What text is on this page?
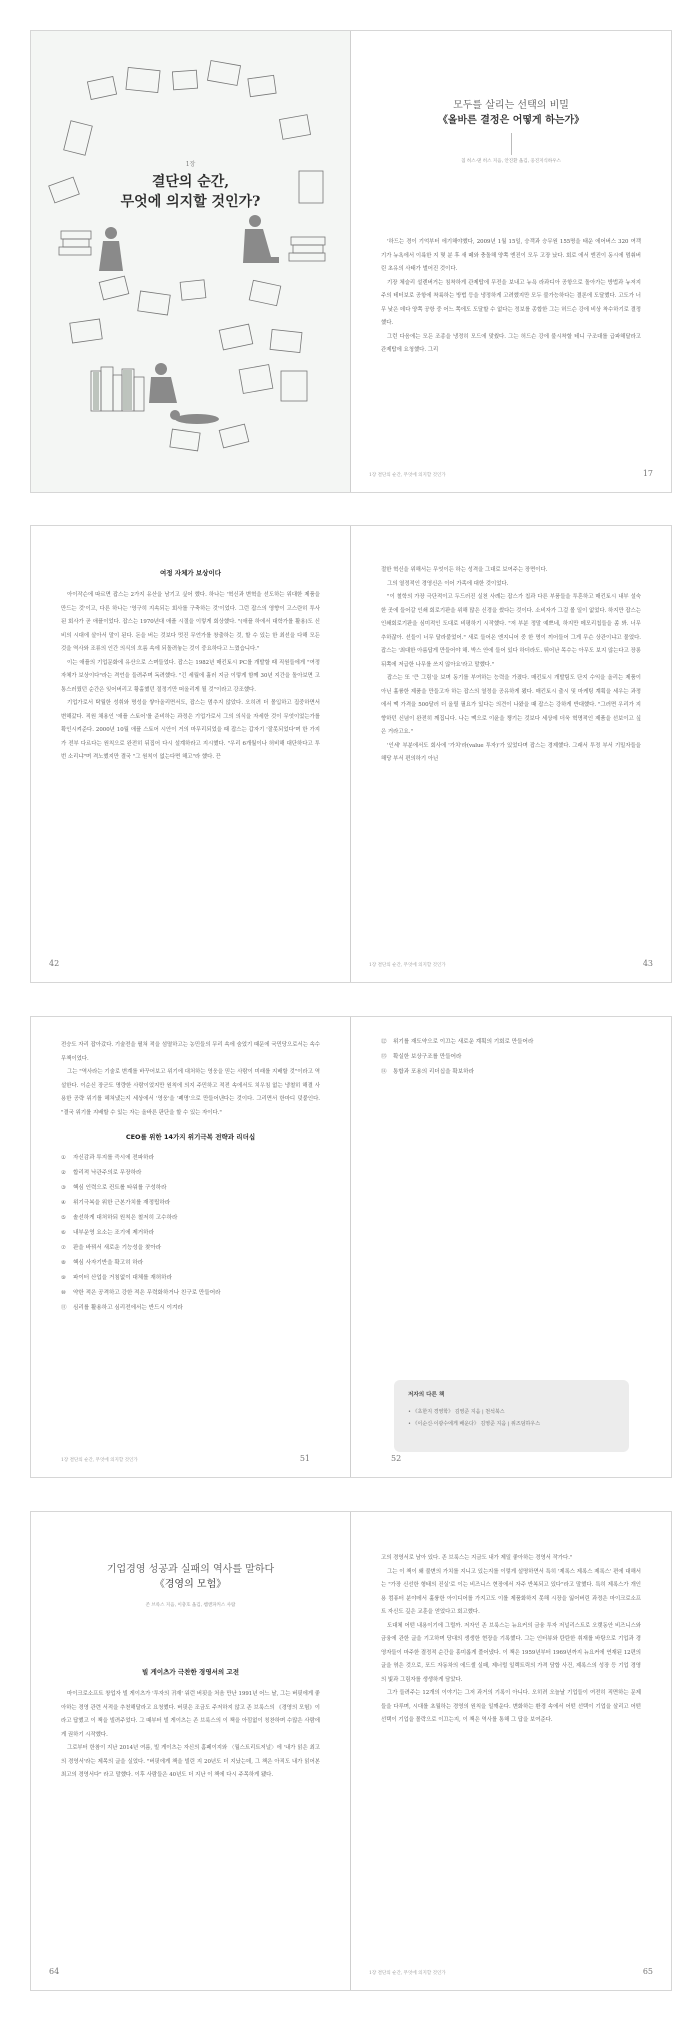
1장
결단의 순간,
무엇에 의지할 것인가?
모두를 살리는 선택의 비밀
《올바른 결정은 어떻게 하는가》
칩 히스·댄 히스 지음, 안진환 옮김, 웅진지식하우스

'하드는 경이 기억부터 에기해야했다, 2009년 1월 15일, 승객과 승무원 155명을 태운 에어버스 320 여객기가 뉴욕에서 이륙한 지 몇 분 후 새 떼와 충돌해 양쪽 엔진이 모두 고장 났다. 회로 에서 엔진이 동시에 멈춰버린 초유의 사태가 벌어진 것이다.

기장 체슬리 설렌버거는 침착하게 관제탑에 무전을 보내고 뉴욕 라과디아 공항으로 돌아가는 방법과 뉴저지 주의 테터보로 공항에 착륙하는 방법 등을 냉정하게 고려했지만 모두 불가능하다는 결론에 도달했다. 고도가 너무 낮은 데다 양쪽 공항 중 어느 쪽에도 도달할 수 없다는 정보를 종합한 그는 허드슨 강에 비상 착수하기로 결정했다.

그런 다음에는 모든 조종을 냉정히 모드에 맞췄다. 그는 허드슨 강에 불시착할 테니 구조대를 급파해달라고 관제탑에 요청했다. 그리

1장 결단의 순간, 무엇에 의지할 것인가	17
여정 자체가 보상이다

아이작슨에 따르면 잡스는 2가지 유산을 남기고 싶어 했다. 하나는 '혁신과 변혁을 선도하는 위대한 제품을 만드는 것'이고, 다른 하나는 '영구히 지속되는 회사를 구축하는 것'이었다. 그런 잡스의 영향이 고스란히 투사된 회사가 곧 애플이었다. 잡스는 1970년대 애플 시절을 이렇게 회상했다. "(애플 하에서 대학가를 활용)도 신비의 시대에 살아서 말이 된다. 돈을 버는 것보다 멋진 무언가를 창출하는 것, 할 수 있는 한 최선을 다해 모든 것을 역사와 조류의 인간 의식의 흐름 속에 되돌려놓는 것이 중요하다고 느꼈습니다."

이는 애플의 기업문화에 유산으로 스며들었다. 잡스는 1982년 매킨토시 PC를 개발할 때 직원들에게 "여정 자체가 보상이다"라는 격언을 들려주며 독려했다. "긴 세월에 흘러 지금 이렇게 함께 30년 지간을 돌아보면 고통스러웠던 순간은 잊어버리고 황홀했던 절정기만 떠올리게 될 것"이라고 강조했다.

기업가로서 탁월한 성취와 명성을 쌓아올리면서도, 잡스는 멈추지 않았다. 오히려 더 몰입하고 집중하면서 변해갔다. 직원 채용인 '애플 스토어'를 준비하는 과정은 기업가로서 그의 의식을 자세한 것이 무엇이었는가를 확인시켜준다. 2000년 10월 애플 스토어 시안이 거의 마무리되었을 때 잡스는 갑자기 '잘못되었다'며 한 가지가 전부 다르다는 원칙으로 완전히 뒤집어 다시 설계하라고 지시했다. "우리 6개월이나 허비해 대단하다고 투 번 소리냐"며 격노했지만 결국 "그 원칙이 없는다면 해고"라 했다. 끈

42

절한 혁신을 위해서는 무엇이든 하는 성격을 그대로 보여주는 장면이다.

그의 열정적인 경영신은 이어 가족에 대한 것이었다.

"이 철학의 가장 극단적이고 두드러진 실천 사례는 잡스가 칩과 다른 부품들을 투혼하고 매킨토시 내부 설숙한 곳에 들어갈 인쇄 회로기판을 위해 많은 신경을 썼다는 것이다. 소비자가 그걸 볼 일이 없었다. 하지만 잡스는 인쇄회로기판을 심미적인 도대로 비평하기 시작했다. "저 부분 정말 예쁘네, 하지만 메모리칩들을 좀 봐. 너무 추하잖아. 선들이 너무 달라붙었어." 새로 들어온 엔지니어 중 한 명이 끼어들어 그게 무슨 상관이냐고 물었다. 잡스는 '최대한 아름답게 만들어야 해. 박스 안에 들어 있다 하더라도. 뛰어난 목수는 아무도 보지 않는다고 장롱 뒤쪽에 저급한 나무를 쓰지 않아요'라고 말했다."

잡스는 또 '큰 그림'을 보며 동기를 부여하는 능력을 가졌다. 매킨토시 개발팀도 단지 수익을 올리는 제품이 아닌 훌륭한 제품을 만들고자 하는 잡스의 열정을 공유하게 됐다. 매킨토시 출시 및 마케팅 계획을 세우는 과정에서 맥 가격을 500달러 더 올릴 필요가 있다는 의견이 나왔을 때 잡스는 강하게 반대했다. "그러면 우리가 지향하던 신념이 완전히 깨집니다. 나는 맥으로 이윤을 챙기는 것보다 세상에 더욱 혁명적인 제품을 선보이고 싶은 거라고요."

'인세' 부분에서도 회사에 '가치'라(value 투자)'가 있었다며 잡스는 경제했다. 그래서 투정 부서 기밀자들을 해당 부서 편의하기 아닌

1장 결단의 순간, 무엇에 의지할 것인가	43

전승도 자리 잡아갔다. 기술전을 펼쳐 적을 섬멸하고는 농민들의 무리 속에 숨었기 때문에 국민당으로서는 속수무책이었다.

그는 "역사라는 기술로 변계를 바꾸어보고 위기에 대처하는 영웅을 믿는 사람이 미래를 지배할 것"이라고 역설한다. 이순신 장군도 명량한 사람이었지만 원칙에 의지 주민하고 적전 속에서도 치우침 없는 냉철히 해결 사용한 공략 위기를 헤쳐냈는지 세상에서 '영웅'을 '폐명'으로 만들어낸다는 것이다. 그리면서 한마디 덧붙인다. "결국 위기를 지배할 수 있는 자는 올바른 판단을 할 수 있는 자이다."

CEO를 위한 14가지 위기극복 전략과 리더십
① 자신감과 투지를 즉시에 전파하라
② 합리적 낙관주의로 무장하라
③ 핵심 인력으로 컨트롤 타워를 구성하라
④ 위기극복을 위한 근본가치를 재정립하라
⑤ 솔선하게 대처하되 원칙은 철저히 고수하라
⑥ 내부운영 요소는 조기에 제거하라
⑦ 판을 바꿔서 새로운 기능성을 찾아라
⑧ 핵심 사자기반을 확고히 하라
⑨ 파이터 산업을 거침없이 대체를 재허하라
⑩ 약한 적은 공격하고 강한 적은 무력화하거나 친구로 만들어라
⑪ 심리를 활용하고 심리전에서는 반드시 이겨라
1장 결단의 순간, 무엇에 의지할 것인가	51
⑫ 위기를 재도약으로 이끄는 새로운 계획의 기회로 만들어라
⑬ 확실한 보상구조를 만들어라
⑭ 통합과 포용의 리더십을 확보하라
저자의 다른 책
• 《초한지 경영학》 김영준 지음 | 천석북스
• 《이순신·이광수에게 배운다》 김영준 지음 | 위즈덤하우스
52
기업경영 성공과 실패의 역사를 말하다
《경영의 모험》
존 브룩스 지음, 이충호 옮김, 쌤앤파커스 사람
빌 게이츠가 극찬한 경영서의 고전

마이크로소프트 창업자 빌 게이츠가 '투자의 귀재' 워런 버핏을 처음 만난 1991년 어느 날, 그는 버핏에게 좋아하는 경영 관련 서적을 추천해달라고 요청했다. 버핏은 조금도 주저하지 않고 존 브룩스의 《경영의 모험》이라고 답했고 이 책을 빌려주었다. 그 때부터 빌 게이츠는 존 브룩스의 이 책을 아낌없이 칭찬하며 수많은 사람에게 권하기 시작했다.

그로부터 한참이 지난 2014년 여름, 빌 게이츠는 자신의 홈페이지와 〈월스트리트저널〉에 '내가 읽은 최고의 경영서'라는 제목의 글을 실었다. "버핏에게 책을 빌린 지 20년도 더 지났는데, 그 책은 아직도 내가 읽어본 최고의 경영서다" 라고 말했다. 이후 사람들은 40년도 더 지난 이 책에 다시 주목하게 됐다.

64

고의 경영서로 남아 있다. 존 브룩스는 지금도 내가 제일 좋아하는 경영서 작가다."

그는 이 책이 왜 불변의 가치를 지니고 있는지를 이렇게 설명하면서 특히 '제록스 제록스 제록스' 편에 대해서는 "가장 신선한 형태의 진실'로 이는 비즈니스 현장에서 자주 반복되고 있다"라고 말했다. 특히 제록스가 개인용 컴퓨터 분야에서 훌륭한 아이디어를 가지고도 이를 제품화하지 못해 시장을 잃어버린 과정은 마이크로소프트 자신도 깊은 교훈을 얻었다고 회고했다.

도대체 어떤 내용이기에 그럴까. 저자인 존 브룩스는 뉴요커의 금융 투자 저널리스트로 오랫동안 비즈니스와 금융에 관한 글을 기고하며 당대의 생생한 현장을 기록했다. 그는 인터뷰와 탄탄한 취재를 바탕으로 기업과 경영자들이 마주한 결정적 순간을 흥미롭게 풀어냈다. 이 책은 1959년부터 1969년까지 뉴요커에 연재된 12편의 글을 엮은 것으로, 포드 자동차의 에드셀 실패, 제너럴 일렉트릭의 가격 담합 사건, 제록스의 성장 등 기업 경영의 빛과 그림자를 생생하게 담았다.

그가 들려주는 12개의 이야기는 그저 과거의 기록이 아니다. 오히려 오늘날 기업들이 여전히 직면하는 문제들을 다루며, 시대를 초월하는 경영의 원칙을 일깨운다. 변화하는 환경 속에서 어떤 선택이 기업을 살리고 어떤 선택이 기업을 몰락으로 이끄는지, 이 책은 역사를 통해 그 답을 보여준다.

1장 결단의 순간, 무엇에 의지할 것인가	65
